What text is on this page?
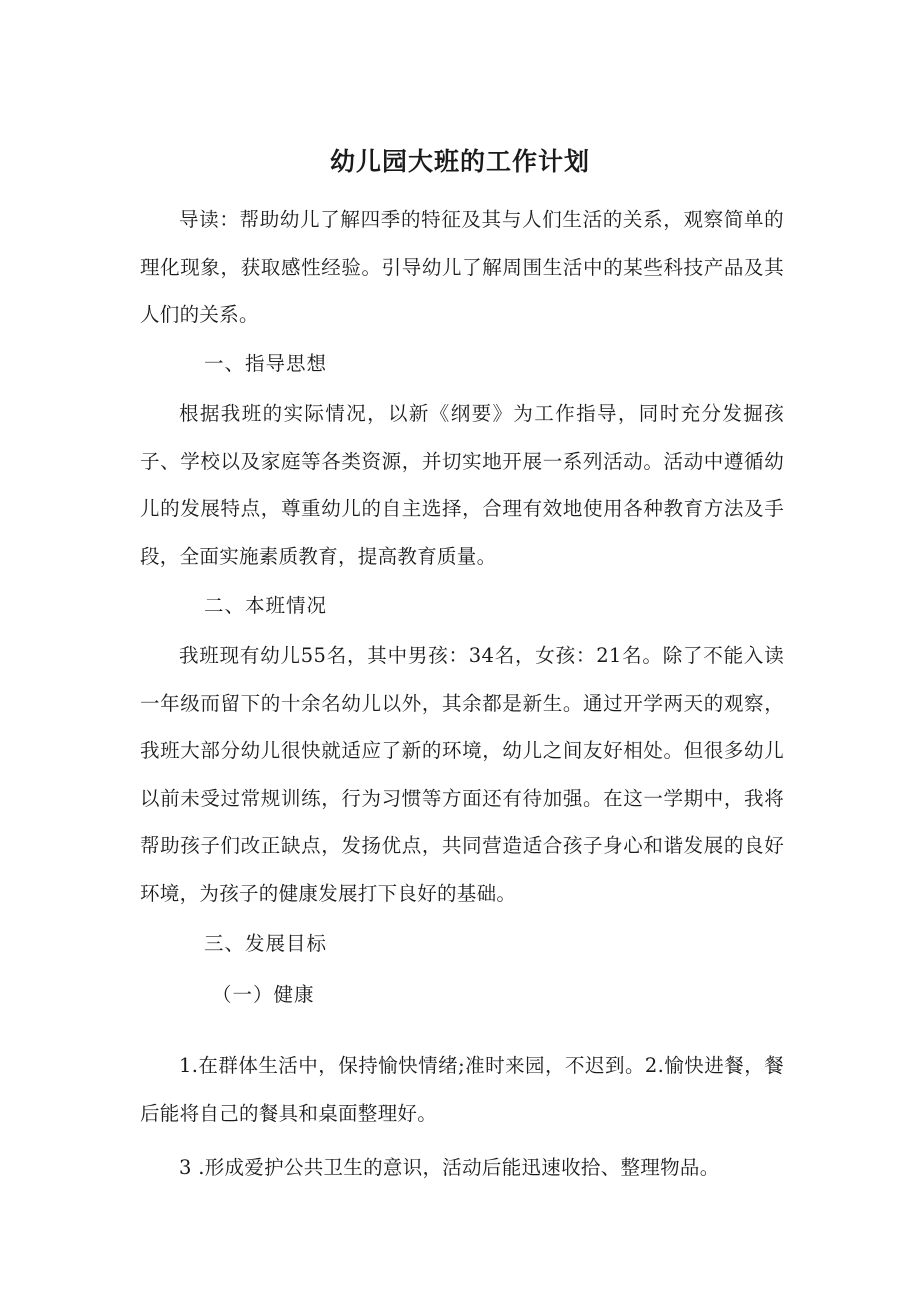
幼儿园大班的工作计划

导读：帮助幼儿了解四季的特征及其与人们生活的关系，观察简单的理化现象，获取感性经验。引导幼儿了解周围生活中的某些科技产品及其人们的关系。

一、指导思想

根据我班的实际情况，以新《纲要》为工作指导，同时充分发掘孩子、学校以及家庭等各类资源，并切实地开展一系列活动。活动中遵循幼儿的发展特点，尊重幼儿的自主选择，合理有效地使用各种教育方法及手段，全面实施素质教育，提高教育质量。

二、本班情况

我班现有幼儿55名，其中男孩：34名，女孩：21名。除了不能入读一年级而留下的十余名幼儿以外，其余都是新生。通过开学两天的观察，我班大部分幼儿很快就适应了新的环境，幼儿之间友好相处。但很多幼儿以前未受过常规训练，行为习惯等方面还有待加强。在这一学期中，我将帮助孩子们改正缺点，发扬优点，共同营造适合孩子身心和谐发展的良好环境，为孩子的健康发展打下良好的基础。

三、发展目标

（一）健康

1.在群体生活中，保持愉快情绪;准时来园，不迟到。2.愉快进餐，餐后能将自己的餐具和桌面整理好。

3 .形成爱护公共卫生的意识，活动后能迅速收拾、整理物品。
